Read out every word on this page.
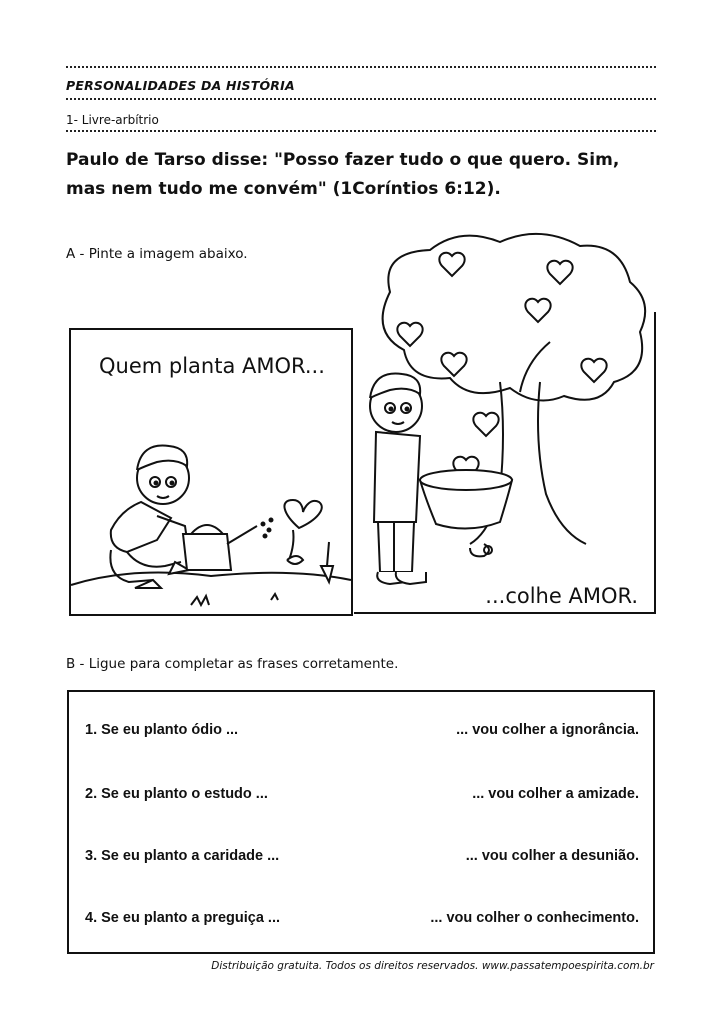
PERSONALIDADES DA HISTÓRIA
1- Livre-arbítrio
Paulo de Tarso disse: "Posso fazer tudo o que quero. Sim,
mas nem tudo me convém" (1Coríntios 6:12).
A - Pinte a imagem abaixo.
Quem planta AMOR...
...colhe AMOR.
B - Ligue para completar as frases corretamente.
1. Se eu planto ódio ...	... vou colher a ignorância.
2. Se eu planto o estudo ...	... vou colher a amizade.
3. Se eu planto a caridade ...	... vou colher a desunião.
4. Se eu planto a preguiça ...	... vou colher o conhecimento.
Distribuição gratuita. Todos os direitos reservados. www.passatempoespirita.com.br
